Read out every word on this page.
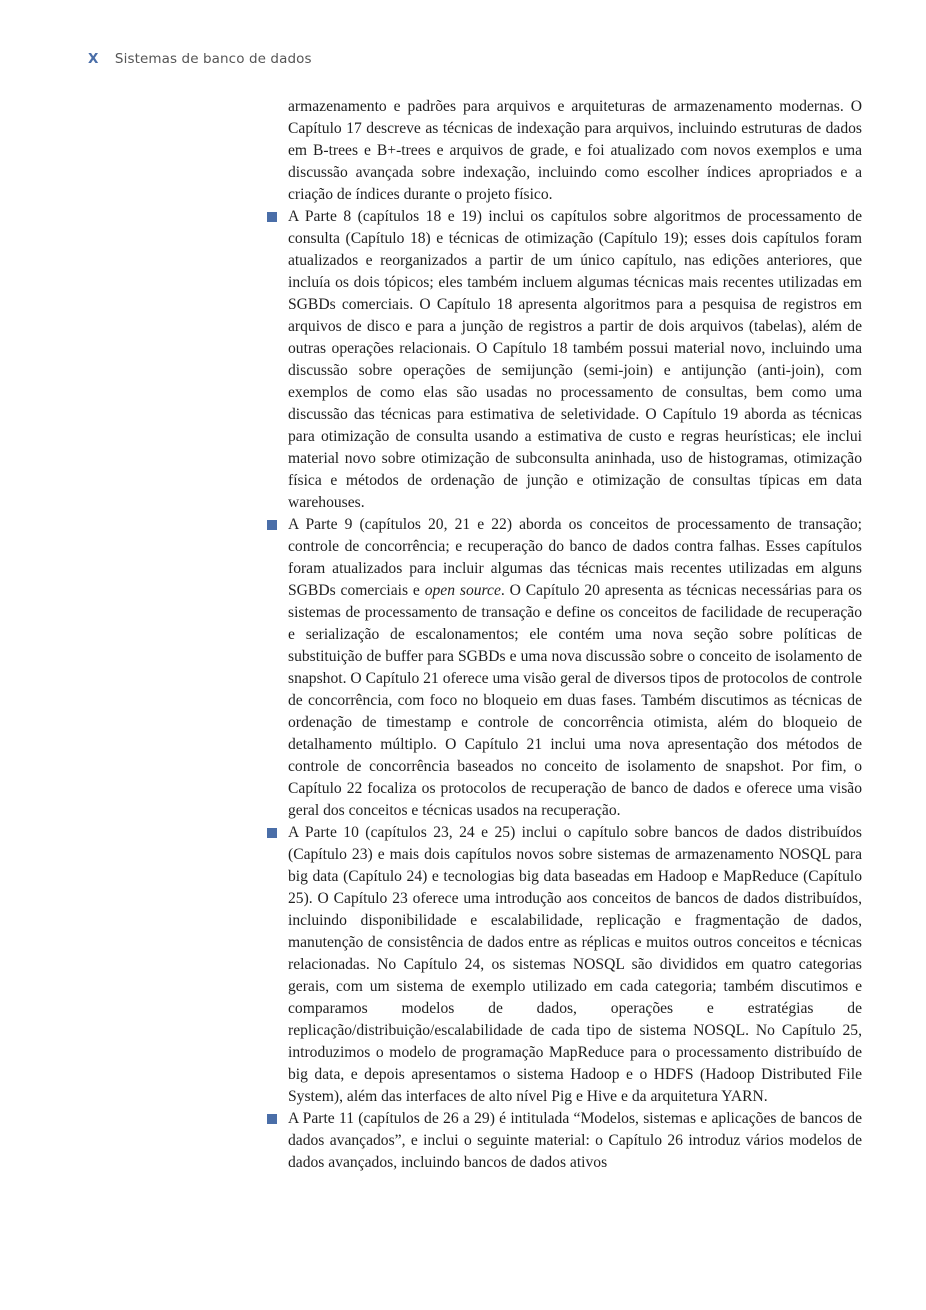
X Sistemas de banco de dados

armazenamento e padrões para arquivos e arquiteturas de armazenamento modernas. O Capítulo 17 descreve as técnicas de indexação para arquivos, incluindo estruturas de dados em B-trees e B+-trees e arquivos de grade, e foi atualizado com novos exemplos e uma discussão avançada sobre indexação, incluindo como escolher índices apropriados e a criação de índices durante o projeto físico.

A Parte 8 (capítulos 18 e 19) inclui os capítulos sobre algoritmos de processamento de consulta (Capítulo 18) e técnicas de otimização (Capítulo 19); esses dois capítulos foram atualizados e reorganizados a partir de um único capítulo, nas edições anteriores, que incluía os dois tópicos; eles também incluem algumas técnicas mais recentes utilizadas em SGBDs comerciais. O Capítulo 18 apresenta algoritmos para a pesquisa de registros em arquivos de disco e para a junção de registros a partir de dois arquivos (tabelas), além de outras operações relacionais. O Capítulo 18 também possui material novo, incluindo uma discussão sobre operações de semijunção (semi-join) e antijunção (anti-join), com exemplos de como elas são usadas no processamento de consultas, bem como uma discussão das técnicas para estimativa de seletividade. O Capítulo 19 aborda as técnicas para otimização de consulta usando a estimativa de custo e regras heurísticas; ele inclui material novo sobre otimização de subconsulta aninhada, uso de histogramas, otimização física e métodos de ordenação de junção e otimização de consultas típicas em data warehouses.

A Parte 9 (capítulos 20, 21 e 22) aborda os conceitos de processamento de transação; controle de concorrência; e recuperação do banco de dados contra falhas. Esses capítulos foram atualizados para incluir algumas das técnicas mais recentes utilizadas em alguns SGBDs comerciais e open source. O Capítulo 20 apresenta as técnicas necessárias para os sistemas de processamento de transação e define os conceitos de facilidade de recuperação e serialização de escalonamentos; ele contém uma nova seção sobre políticas de substituição de buffer para SGBDs e uma nova discussão sobre o conceito de isolamento de snapshot. O Capítulo 21 oferece uma visão geral de diversos tipos de protocolos de controle de concorrência, com foco no bloqueio em duas fases. Também discutimos as técnicas de ordenação de timestamp e controle de concorrência otimista, além do bloqueio de detalhamento múltiplo. O Capítulo 21 inclui uma nova apresentação dos métodos de controle de concorrência baseados no conceito de isolamento de snapshot. Por fim, o Capítulo 22 focaliza os protocolos de recuperação de banco de dados e oferece uma visão geral dos conceitos e técnicas usados na recuperação.

A Parte 10 (capítulos 23, 24 e 25) inclui o capítulo sobre bancos de dados distribuídos (Capítulo 23) e mais dois capítulos novos sobre sistemas de armazenamento NOSQL para big data (Capítulo 24) e tecnologias big data baseadas em Hadoop e MapReduce (Capítulo 25). O Capítulo 23 oferece uma introdução aos conceitos de bancos de dados distribuídos, incluindo disponibilidade e escalabilidade, replicação e fragmentação de dados, manutenção de consistência de dados entre as réplicas e muitos outros conceitos e técnicas relacionadas. No Capítulo 24, os sistemas NOSQL são divididos em quatro categorias gerais, com um sistema de exemplo utilizado em cada categoria; também discutimos e comparamos modelos de dados, operações e estratégias de replicação/distribuição/escalabilidade de cada tipo de sistema NOSQL. No Capítulo 25, introduzimos o modelo de programação MapReduce para o processamento distribuído de big data, e depois apresentamos o sistema Hadoop e o HDFS (Hadoop Distributed File System), além das interfaces de alto nível Pig e Hive e da arquitetura YARN.

A Parte 11 (capítulos de 26 a 29) é intitulada “Modelos, sistemas e aplicações de bancos de dados avançados”, e inclui o seguinte material: o Capítulo 26 introduz vários modelos de dados avançados, incluindo bancos de dados ativos
